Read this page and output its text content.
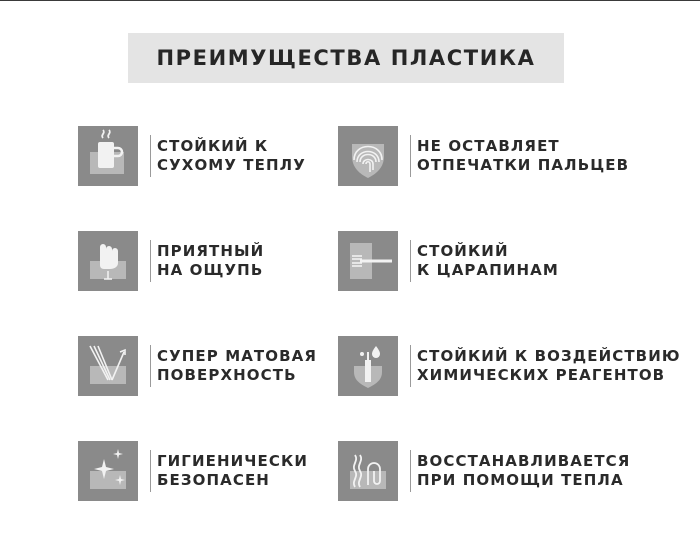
ПРЕИМУЩЕСТВА ПЛАСТИКА
СТОЙКИЙ К
СУХОМУ ТЕПЛУ
НЕ ОСТАВЛЯЕТ
ОТПЕЧАТКИ ПАЛЬЦЕВ
ПРИЯТНЫЙ
НА ОЩУПЬ
СТОЙКИЙ
К ЦАРАПИНАМ
СУПЕР МАТОВАЯ
ПОВЕРХНОСТЬ
СТОЙКИЙ К ВОЗДЕЙСТВИЮ
ХИМИЧЕСКИХ РЕАГЕНТОВ
ГИГИЕНИЧЕСКИ
БЕЗОПАСЕН
ВОССТАНАВЛИВАЕТСЯ
ПРИ ПОМОЩИ ТЕПЛА
